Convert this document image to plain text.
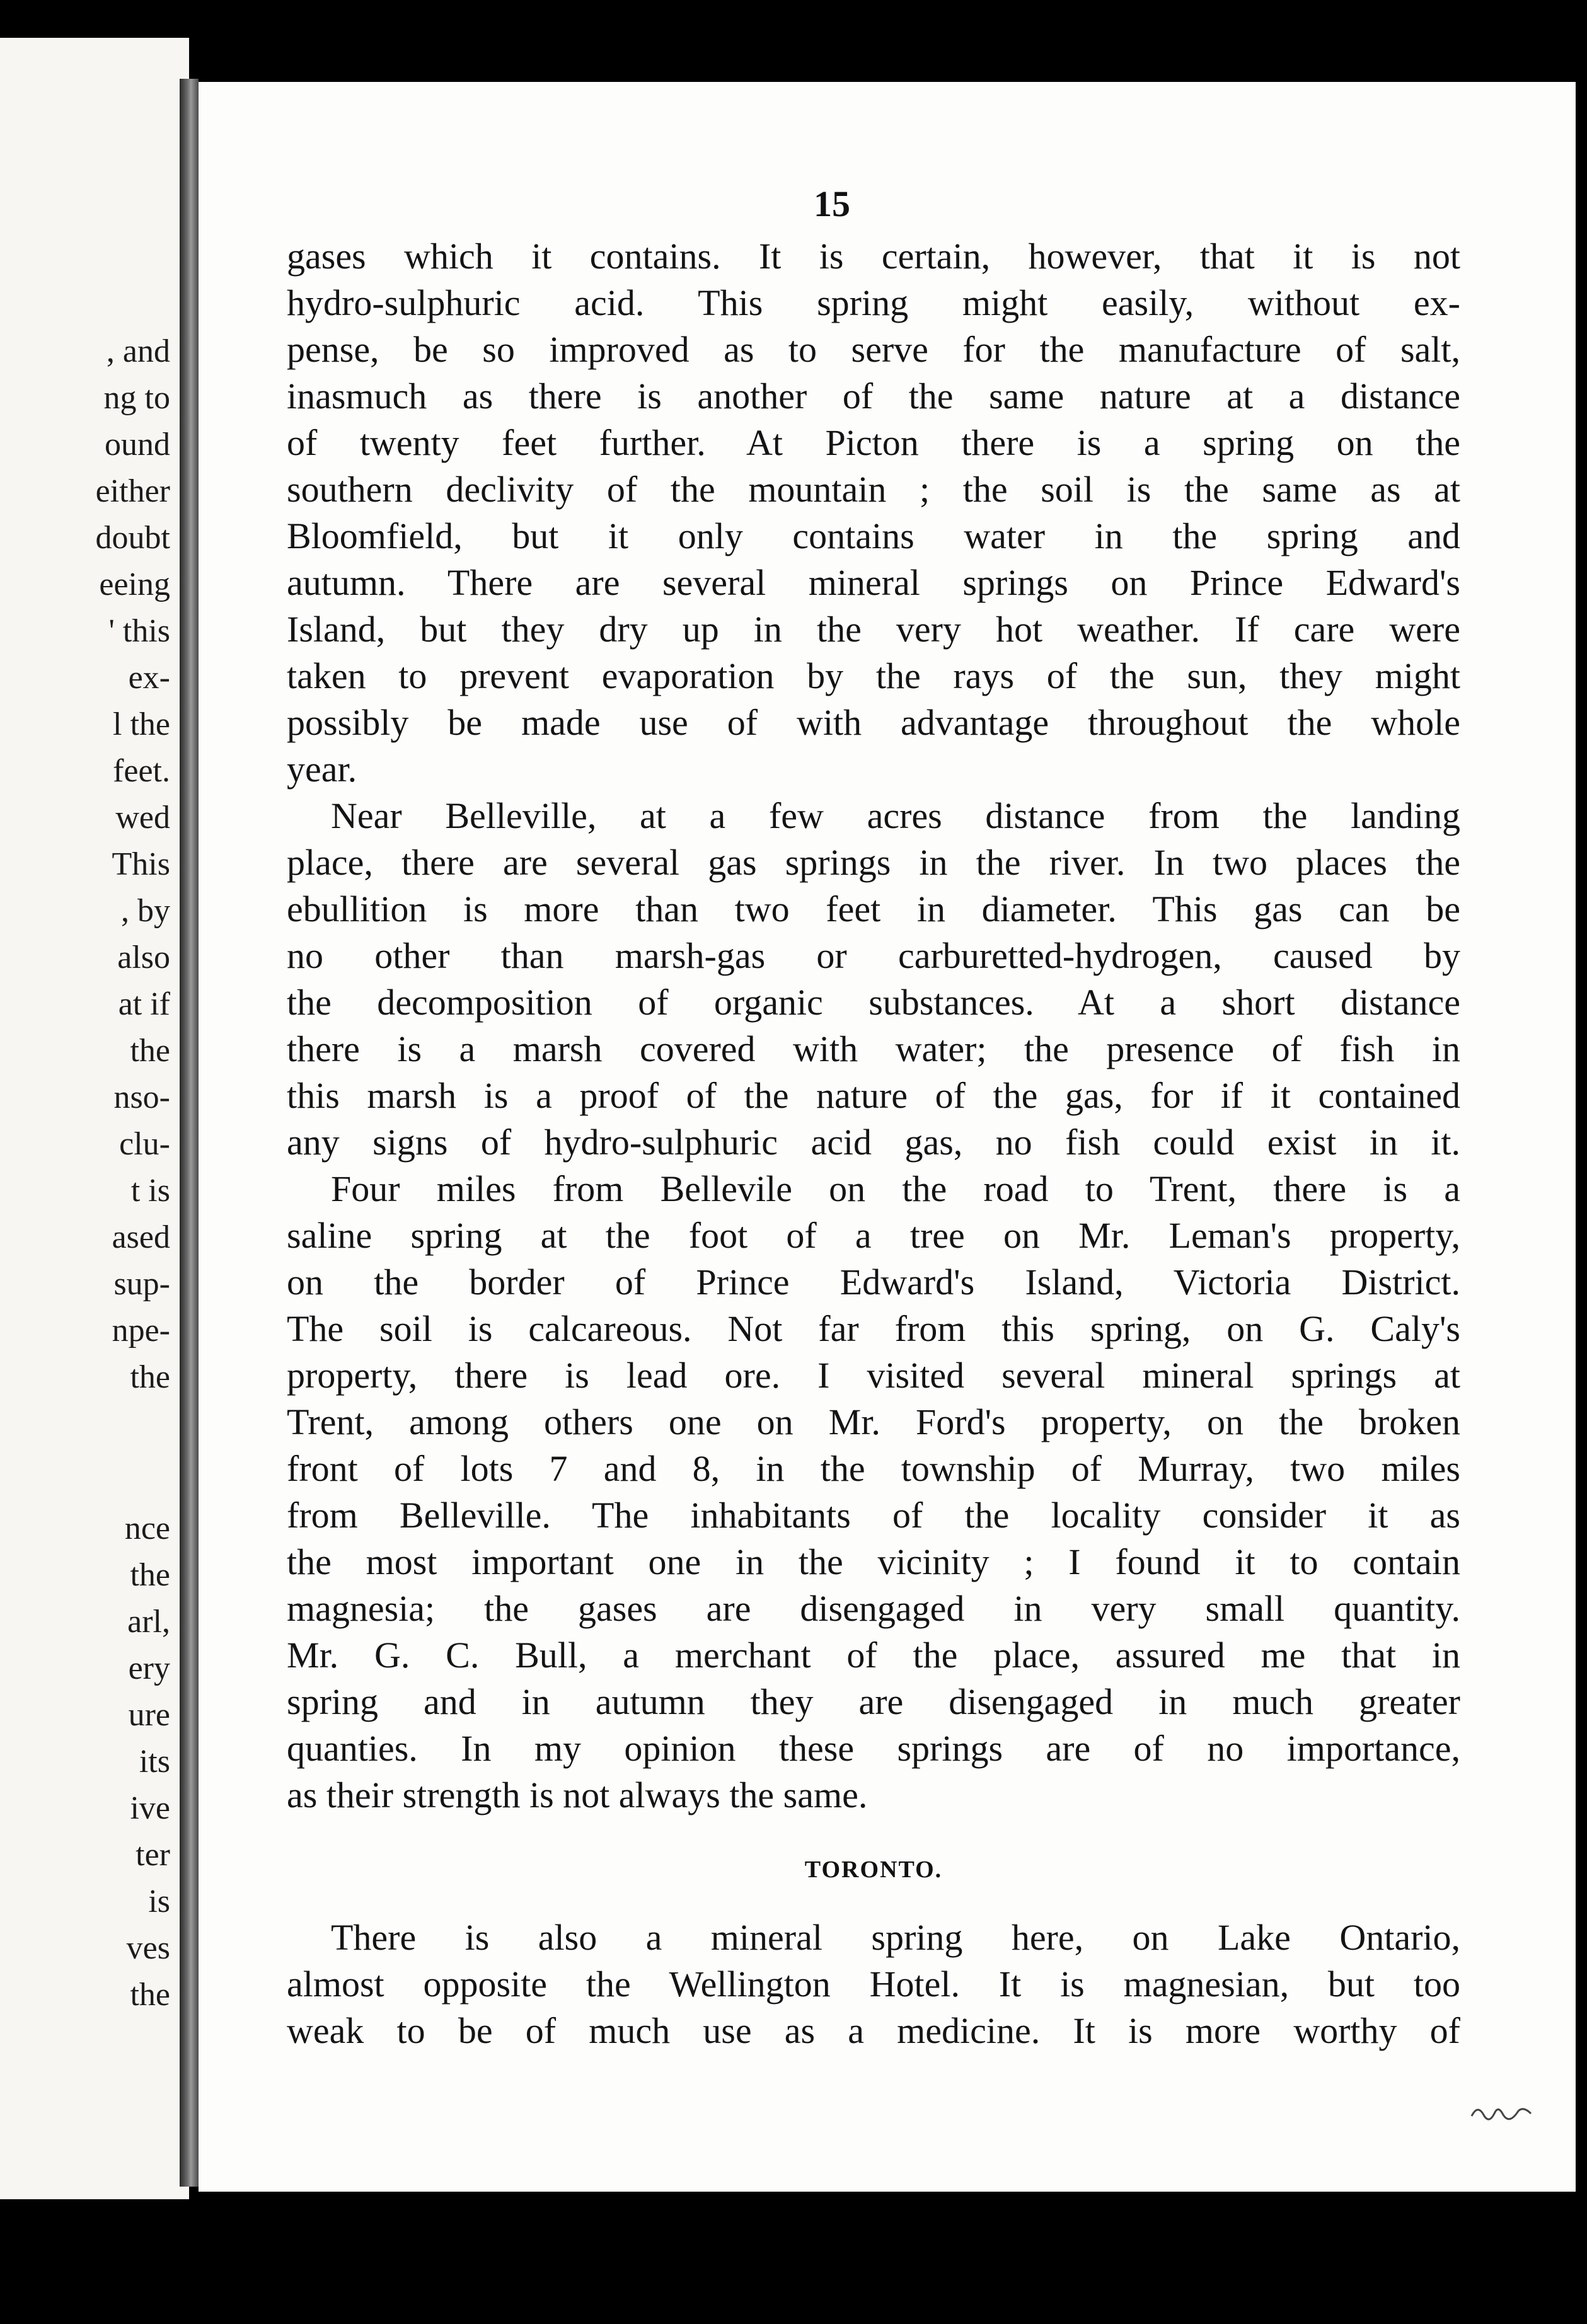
, and
ng to
ound
either
doubt
eeing
' this
ex-
l the
feet.
wed
This
, by
also
at if
the
nso-
clu-
t is
ased
sup-
npe-
the
nce
the
arl,
ery
ure
its
ive
ter
is
ves
the
15
gases which it contains. It is certain, however, that it is not
hydro-sulphuric acid. This spring might easily, without ex-
pense, be so improved as to serve for the manufacture of salt,
inasmuch as there is another of the same nature at a distance
of twenty feet further. At Picton there is a spring on the
southern declivity of the mountain ; the soil is the same as at
Bloomfield, but it only contains water in the spring and
autumn. There are several mineral springs on Prince Edward's
Island, but they dry up in the very hot weather. If care were
taken to prevent evaporation by the rays of the sun, they might
possibly be made use of with advantage throughout the whole
year.
Near Belleville, at a few acres distance from the landing
place, there are several gas springs in the river. In two places the
ebullition is more than two feet in diameter. This gas can be
no other than marsh-gas or carburetted-hydrogen, caused by
the decomposition of organic substances. At a short distance
there is a marsh covered with water; the presence of fish in
this marsh is a proof of the nature of the gas, for if it contained
any signs of hydro-sulphuric acid gas, no fish could exist in it.
Four miles from Bellevile on the road to Trent, there is a
saline spring at the foot of a tree on Mr. Leman's property,
on the border of Prince Edward's Island, Victoria District.
The soil is calcareous. Not far from this spring, on G. Caly's
property, there is lead ore. I visited several mineral springs at
Trent, among others one on Mr. Ford's property, on the broken
front of lots 7 and 8, in the township of Murray, two miles
from Belleville. The inhabitants of the locality consider it as
the most important one in the vicinity ; I found it to contain
magnesia; the gases are disengaged in very small quantity.
Mr. G. C. Bull, a merchant of the place, assured me that in
spring and in autumn they are disengaged in much greater
quanties. In my opinion these springs are of no importance,
as their strength is not always the same.
TORONTO.
There is also a mineral spring here, on Lake Ontario,
almost opposite the Wellington Hotel. It is magnesian, but too
weak to be of much use as a medicine. It is more worthy of
